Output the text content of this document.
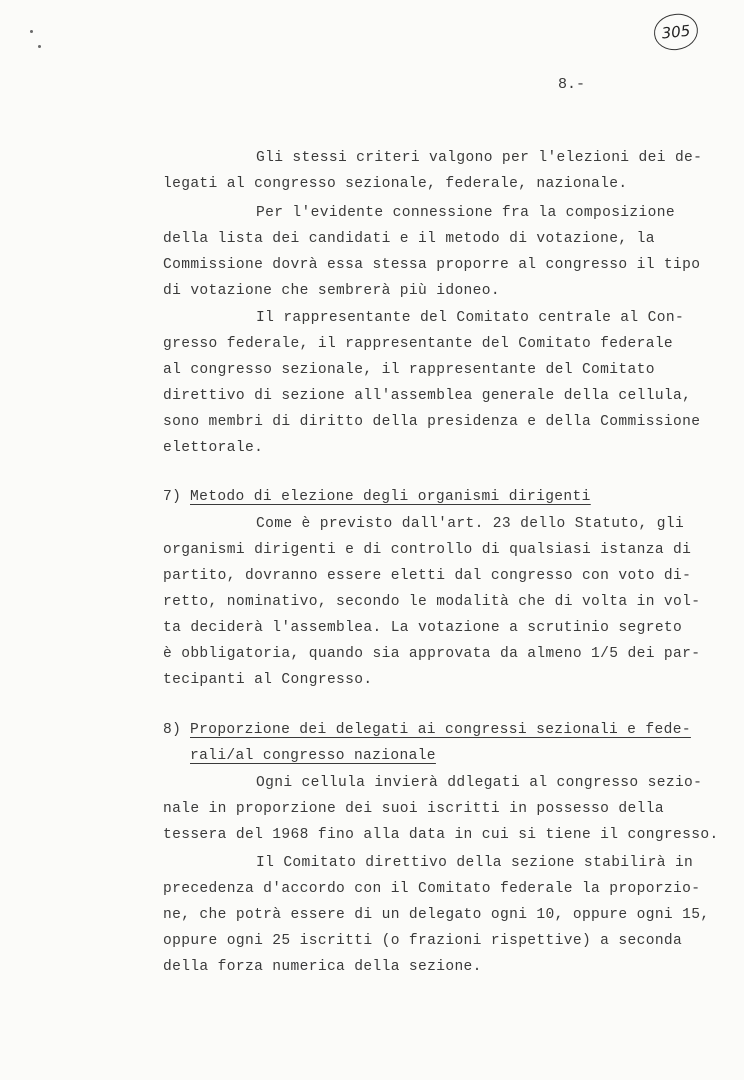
305
8.-
Gli stessi criteri valgono per l'elezioni dei de-
legati al congresso sezionale, federale, nazionale.
Per l'evidente connessione fra la composizione
della lista dei candidati e il metodo di votazione, la
Commissione dovrà essa stessa proporre al congresso il tipo
di votazione che sembrerà più idoneo.
Il rappresentante del Comitato centrale al Con-
gresso federale, il rappresentante del Comitato federale
al congresso sezionale, il rappresentante del Comitato
direttivo di sezione all'assemblea generale della cellula,
sono membri di diritto della presidenza e della Commissione
elettorale.
7) Metodo di elezione degli organismi dirigenti
Come è previsto dall'art. 23 dello Statuto, gli
organismi dirigenti e di controllo di qualsiasi istanza di
partito, dovranno essere eletti dal congresso con voto di-
retto, nominativo, secondo le modalità che di volta in vol-
ta deciderà l'assemblea. La votazione a scrutinio segreto
è obbligatoria, quando sia approvata da almeno 1/5 dei par-
tecipanti al Congresso.
8) Proporzione dei delegati ai congressi sezionali e fede-
rali/al congresso nazionale
Ogni cellula invierà ddlegati al congresso sezio-
nale in proporzione dei suoi iscritti in possesso della
tessera del 1968 fino alla data in cui si tiene il congresso.
Il Comitato direttivo della sezione stabilirà in
precedenza d'accordo con il Comitato federale la proporzio-
ne, che potrà essere di un delegato ogni 10, oppure ogni 15,
oppure ogni 25 iscritti (o frazioni rispettive) a seconda
della forza numerica della sezione.
